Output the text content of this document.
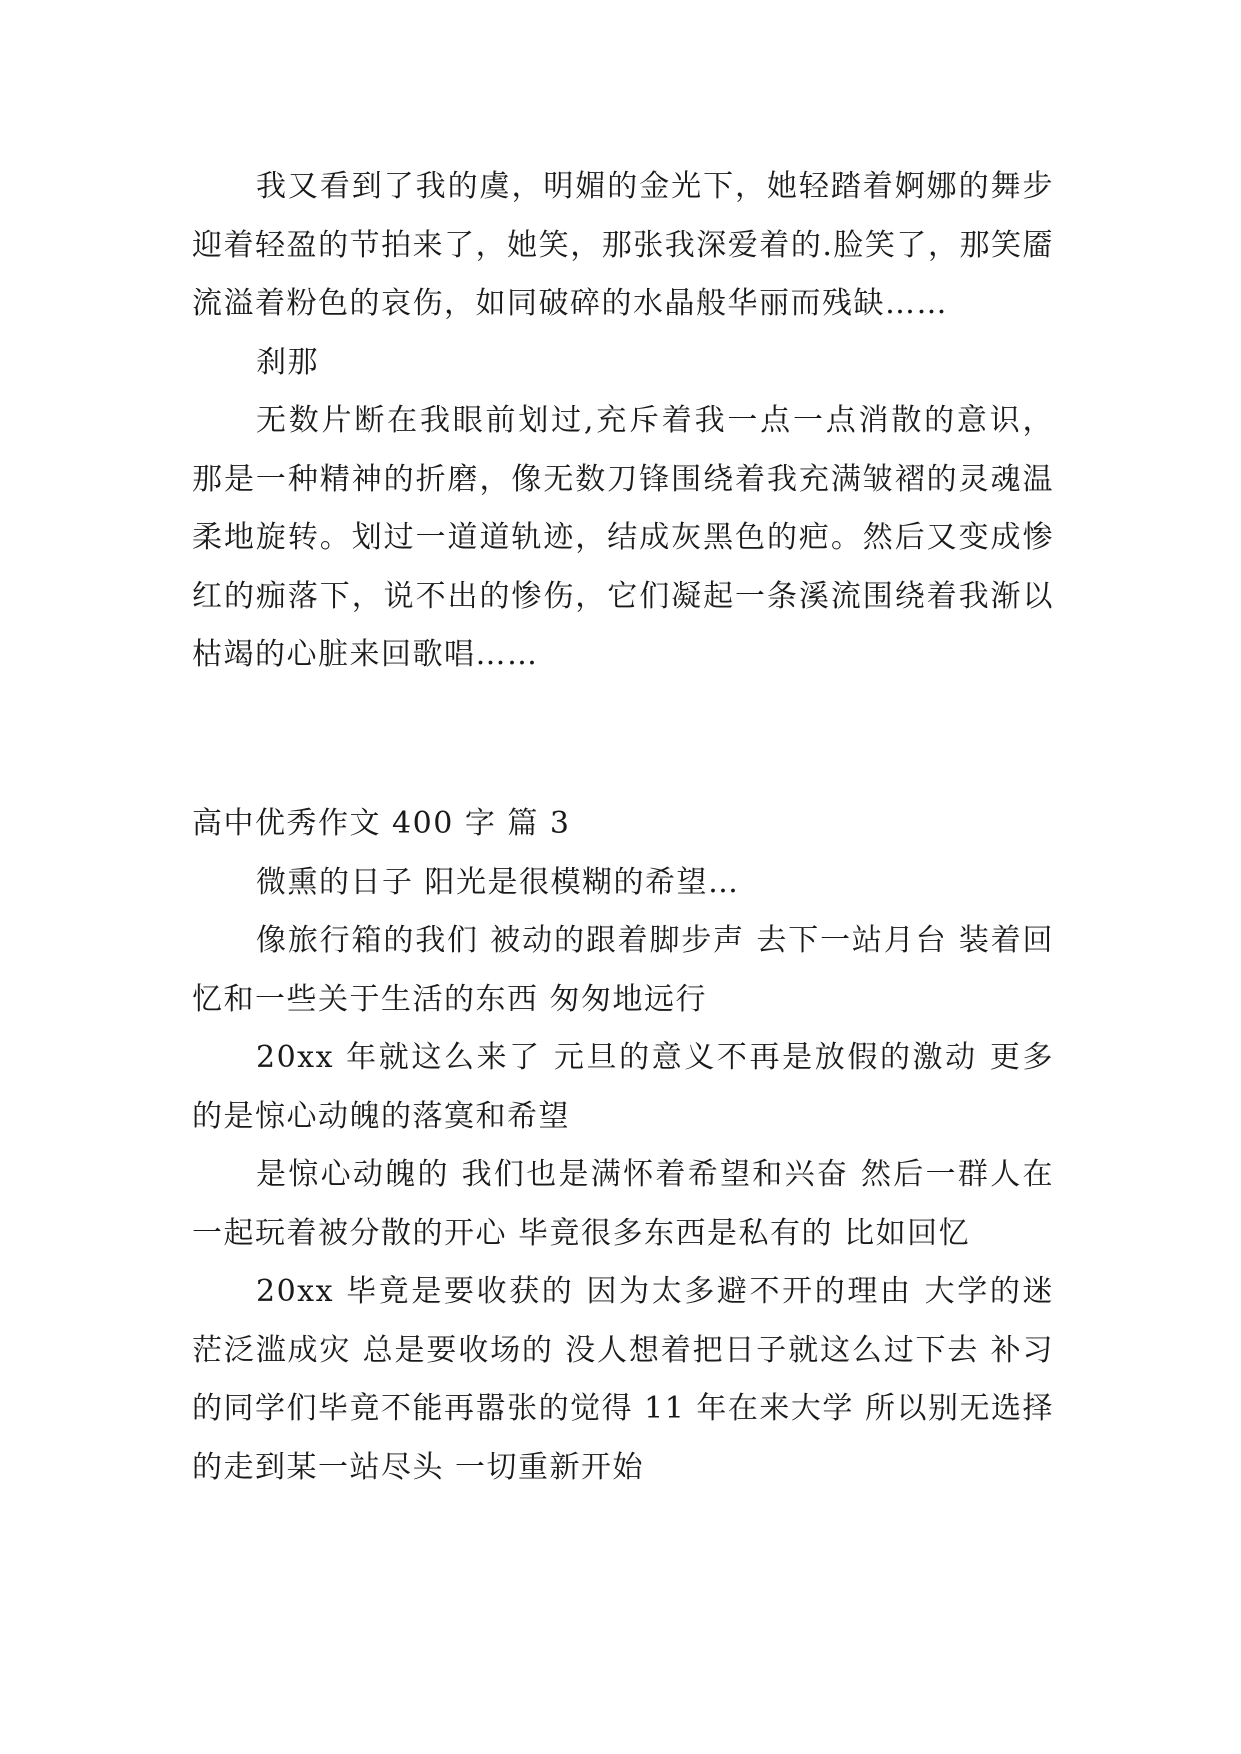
我又看到了我的虞，明媚的金光下，她轻踏着婀娜的舞步迎着轻盈的节拍来了，她笑，那张我深爱着的.脸笑了，那笑靥流溢着粉色的哀伤，如同破碎的水晶般华丽而残缺……

刹那

无数片断在我眼前划过,充斥着我一点一点消散的意识，那是一种精神的折磨，像无数刀锋围绕着我充满皱褶的灵魂温柔地旋转。划过一道道轨迹，结成灰黑色的疤。然后又变成惨红的痂落下，说不出的惨伤，它们凝起一条溪流围绕着我渐以枯竭的心脏来回歌唱……

高中优秀作文 400 字 篇 3

微熏的日子 阳光是很模糊的希望…

像旅行箱的我们 被动的跟着脚步声 去下一站月台 装着回忆和一些关于生活的东西 匆匆地远行

20xx 年就这么来了 元旦的意义不再是放假的激动 更多的是惊心动魄的落寞和希望

是惊心动魄的 我们也是满怀着希望和兴奋 然后一群人在一起玩着被分散的开心 毕竟很多东西是私有的 比如回忆

20xx 毕竟是要收获的 因为太多避不开的理由 大学的迷茫泛滥成灾 总是要收场的 没人想着把日子就这么过下去 补习的同学们毕竟不能再嚣张的觉得 11 年在来大学 所以别无选择的走到某一站尽头 一切重新开始
